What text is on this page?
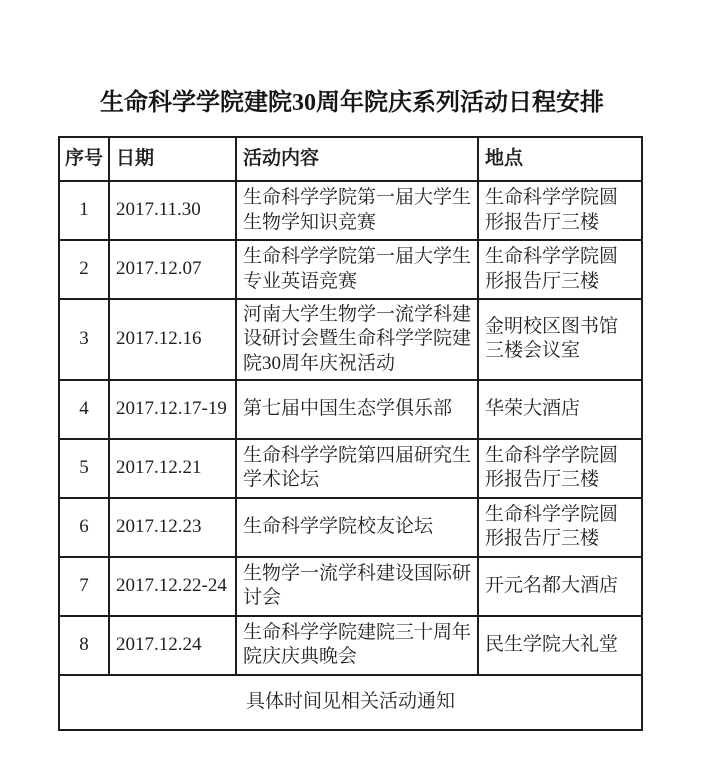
生命科学学院建院30周年院庆系列活动日程安排
序号	日期	活动内容	地点
1	2017.11.30	生命科学学院第一届大学生生物学知识竞赛	生命科学学院圆形报告厅三楼
2	2017.12.07	生命科学学院第一届大学生专业英语竞赛	生命科学学院圆形报告厅三楼
3	2017.12.16	河南大学生物学一流学科建设研讨会暨生命科学学院建院30周年庆祝活动	金明校区图书馆三楼会议室
4	2017.12.17-19	第七届中国生态学俱乐部	华荣大酒店
5	2017.12.21	生命科学学院第四届研究生学术论坛	生命科学学院圆形报告厅三楼
6	2017.12.23	生命科学学院校友论坛	生命科学学院圆形报告厅三楼
7	2017.12.22-24	生物学一流学科建设国际研讨会	开元名都大酒店
8	2017.12.24	生命科学学院建院三十周年院庆庆典晚会	民生学院大礼堂
具体时间见相关活动通知			
